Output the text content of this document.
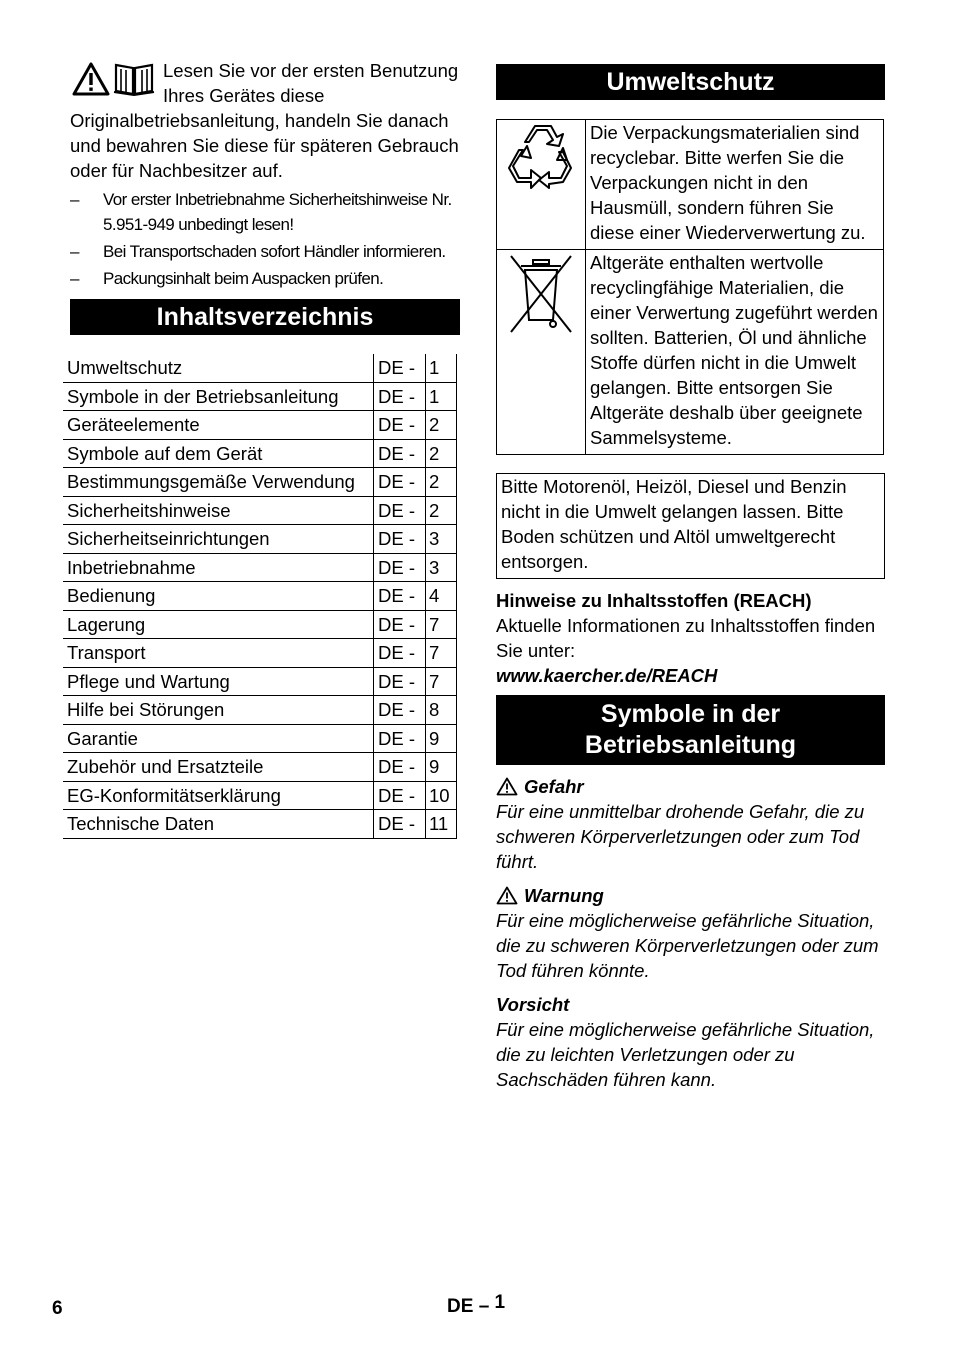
Lesen Sie vor der ersten Benutzung Ihres Gerätes diese Originalbetriebsanleitung, handeln Sie danach und bewahren Sie diese für späteren Gebrauch oder für Nachbesitzer auf.

– Vor erster Inbetriebnahme Sicherheitshinweise Nr. 5.951-949 unbedingt lesen!
– Bei Transportschaden sofort Händler informieren.
– Packungsinhalt beim Auspacken prüfen.
Inhaltsverzeichnis
Umweltschutz	DE -	1
Symbole in der Betriebsanleitung	DE -	1
Geräteelemente	DE -	2
Symbole auf dem Gerät	DE -	2
Bestimmungsgemäße Verwendung	DE -	2
Sicherheitshinweise	DE -	2
Sicherheitseinrichtungen	DE -	3
Inbetriebnahme	DE -	3
Bedienung	DE -	4
Lagerung	DE -	7
Transport	DE -	7
Pflege und Wartung	DE -	7
Hilfe bei Störungen	DE -	8
Garantie	DE -	9
Zubehör und Ersatzteile	DE -	9
EG-Konformitätserklärung	DE -	10
Technische Daten	DE -	11
Umweltschutz
	Die Verpackungsmaterialien sind recyclebar. Bitte werfen Sie die Verpackungen nicht in den Hausmüll, sondern führen Sie diese einer Wiederverwertung zu.

	Altgeräte enthalten wertvolle recyclingfähige Materialien, die einer Verwertung zugeführt werden sollten. Batterien, Öl und ähnliche Stoffe dürfen nicht in die Umwelt gelangen. Bitte entsorgen Sie Altgeräte deshalb über geeignete Sammelsysteme.
Bitte Motorenöl, Heizöl, Diesel und Benzin nicht in die Umwelt gelangen lassen. Bitte Boden schützen und Altöl umweltgerecht entsorgen.
Hinweise zu Inhaltsstoffen (REACH)
Aktuelle Informationen zu Inhaltsstoffen finden Sie unter:
www.kaercher.de/REACH
Symbole in der Betriebsanleitung
Gefahr
Für eine unmittelbar drohende Gefahr, die zu schweren Körperverletzungen oder zum Tod führt.
Warnung
Für eine möglicherweise gefährliche Situation, die zu schweren Körperverletzungen oder zum Tod führen könnte.
Vorsicht
Für eine möglicherweise gefährliche Situation, die zu leichten Verletzungen oder zu Sachschäden führen kann.
6	DE – 1
